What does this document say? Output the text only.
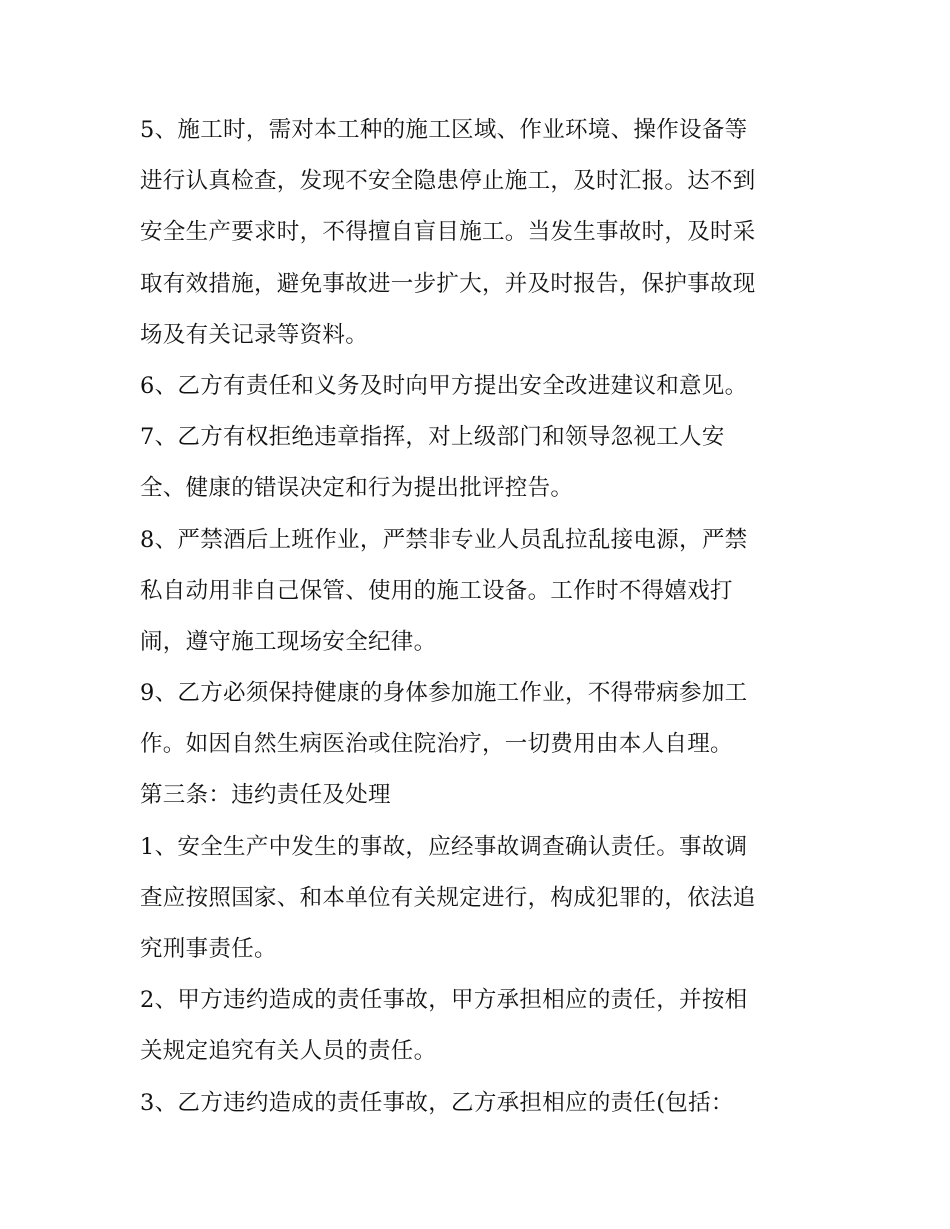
5、施工时，需对本工种的施工区域、作业环境、操作设备等
进行认真检查，发现不安全隐患停止施工，及时汇报。达不到
安全生产要求时，不得擅自盲目施工。当发生事故时，及时采
取有效措施，避免事故进一步扩大，并及时报告，保护事故现
场及有关记录等资料。
6、乙方有责任和义务及时向甲方提出安全改进建议和意见。
7、乙方有权拒绝违章指挥，对上级部门和领导忽视工人安
全、健康的错误决定和行为提出批评控告。
8、严禁酒后上班作业，严禁非专业人员乱拉乱接电源，严禁
私自动用非自己保管、使用的施工设备。工作时不得嬉戏打
闹，遵守施工现场安全纪律。
9、乙方必须保持健康的身体参加施工作业，不得带病参加工
作。如因自然生病医治或住院治疗，一切费用由本人自理。
第三条：违约责任及处理
1、安全生产中发生的事故，应经事故调查确认责任。事故调
查应按照国家、和本单位有关规定进行，构成犯罪的，依法追
究刑事责任。
2、甲方违约造成的责任事故，甲方承担相应的责任，并按相
关规定追究有关人员的责任。
3、乙方违约造成的责任事故，乙方承担相应的责任(包括：
